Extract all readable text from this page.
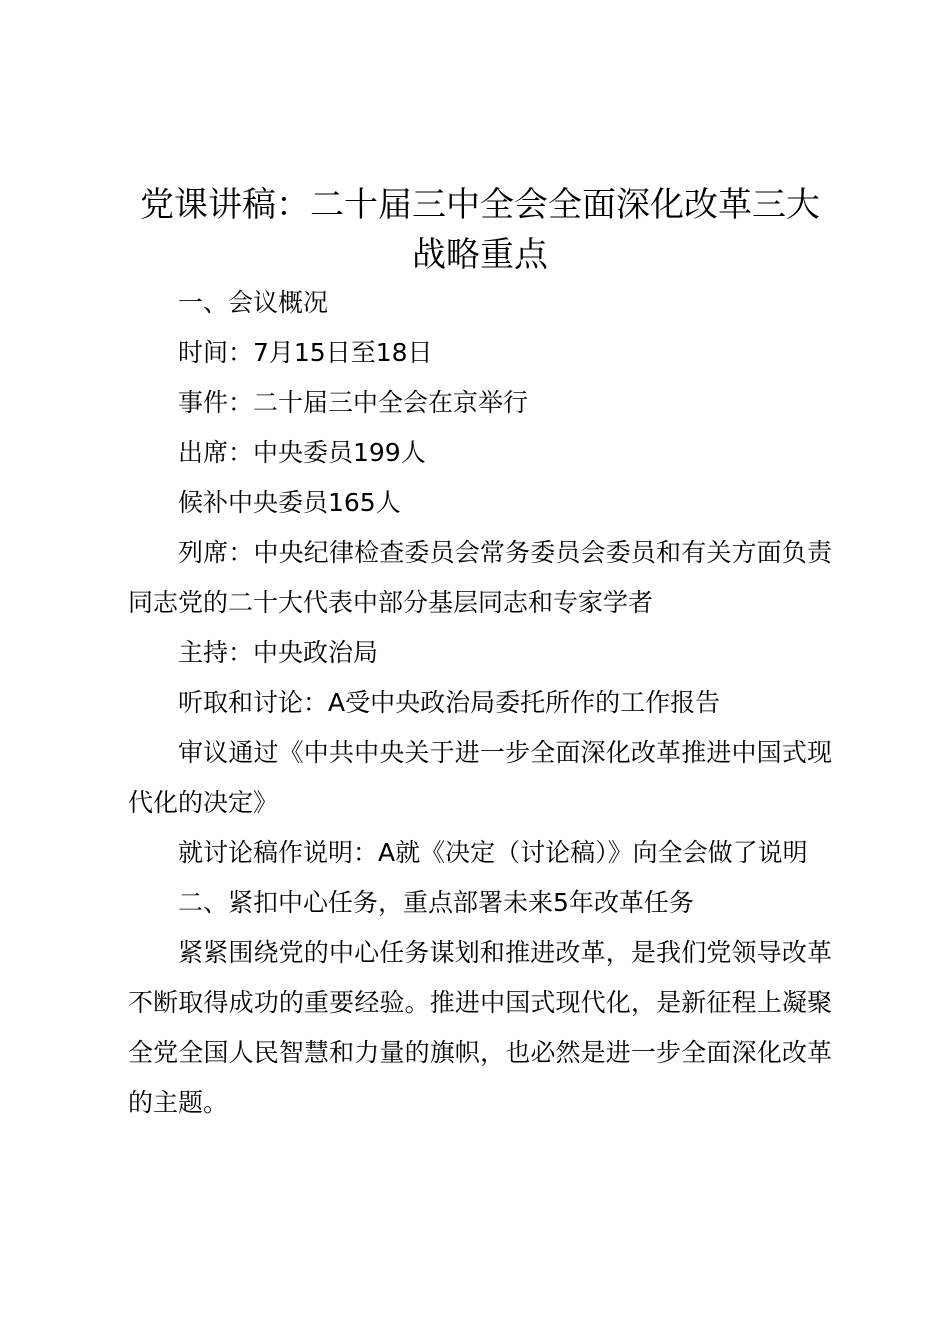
党课讲稿：二十届三中全会全面深化改革三大战略重点

一、会议概况

时间：7月15日至18日

事件：二十届三中全会在京举行

出席：中央委员199人

候补中央委员165人

列席：中央纪律检查委员会常务委员会委员和有关方面负责同志党的二十大代表中部分基层同志和专家学者

主持：中央政治局

听取和讨论：A受中央政治局委托所作的工作报告

审议通过《中共中央关于进一步全面深化改革推进中国式现代化的决定》

就讨论稿作说明：A就《决定（讨论稿）》向全会做了说明

二、紧扣中心任务，重点部署未来5年改革任务

紧紧围绕党的中心任务谋划和推进改革，是我们党领导改革不断取得成功的重要经验。推进中国式现代化，是新征程上凝聚全党全国人民智慧和力量的旗帜，也必然是进一步全面深化改革的主题。
